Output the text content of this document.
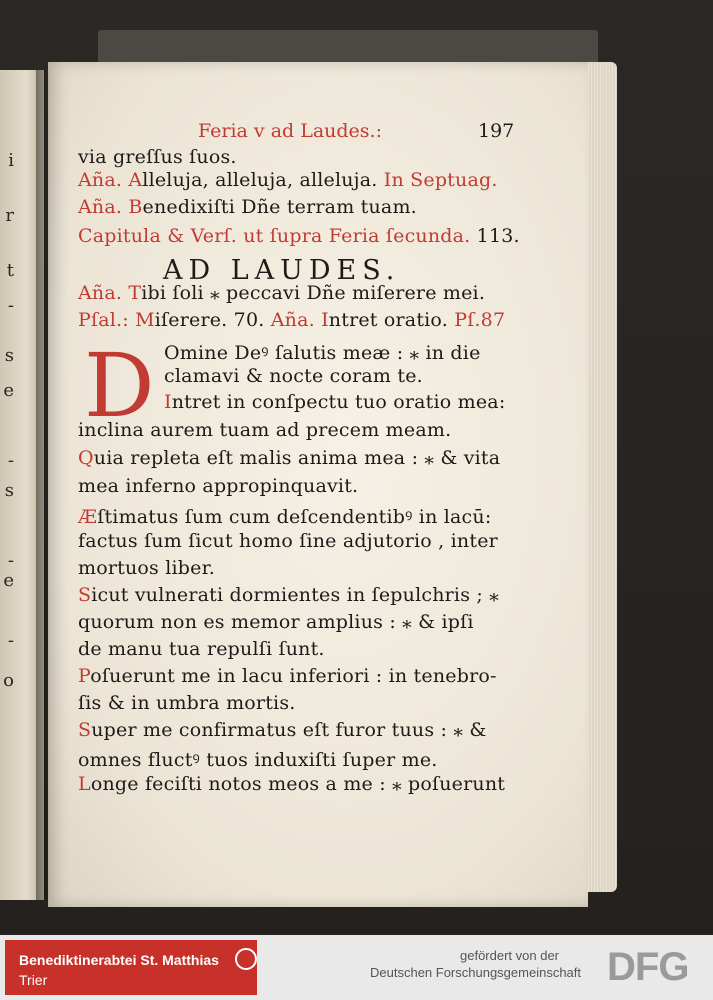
i
r
t
-
s
e
-
s
-
e
-
o
Feria v ad Laudes.:	197
AD LAUDES.
D
via greſſus ſuos.
Aña. Alleluja, alleluja, alleluja. In Septuag.
Aña. Benedixiſti Dñe terram tuam.
Capitula & Verſ. ut ſupra Feria ſecunda. 113.
Aña. Tibi ſoli ⁎ peccavi Dñe miſerere mei.
Pſal.: Miſerere. 70. Aña. Intret oratio. Pſ.87
Omine Deꝰ ſalutis meæ : ⁎ in die
clamavi & nocte coram te.
Intret in conſpectu tuo oratio mea:
inclina aurem tuam ad precem meam.
Quia repleta eſt malis anima mea : ⁎ & vita
mea inferno appropinquavit.
Æſtimatus ſum cum deſcendentibꝰ in lacū:
factus ſum ſicut homo ſine adjutorio , inter
mortuos liber.
Sicut vulnerati dormientes in ſepulchris ; ⁎
quorum non es memor amplius : ⁎ & ipſi
de manu tua repulſi ſunt.
Poſuerunt me in lacu inferiori : in tenebro-
ſis & in umbra mortis.
Super me confirmatus eſt furor tuus : ⁎ &
omnes fluctꝰ tuos induxiſti ſuper me.
Longe feciſti notos meos a me : ⁎ poſuerunt
Benediktinerabtei St. Matthias
Trier
gefördert von der
Deutschen Forschungsgemeinschaft DFG
